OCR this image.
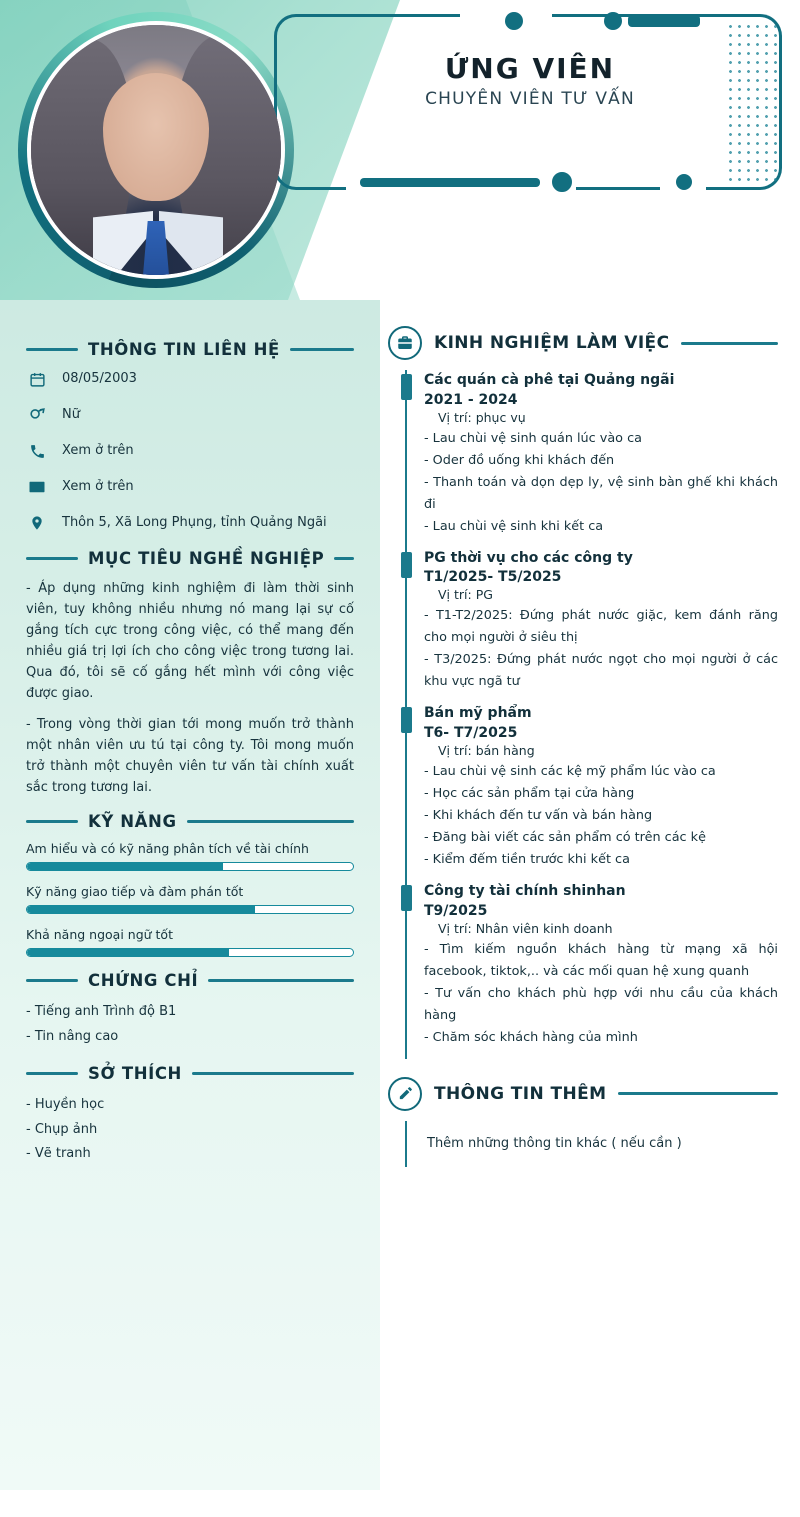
ỨNG VIÊN
CHUYÊN VIÊN TƯ VẤN
THÔNG TIN LIÊN HỆ
08/05/2003
Nữ
Xem ở trên
Xem ở trên
Thôn 5, Xã Long Phụng, tỉnh Quảng Ngãi
MỤC TIÊU NGHỀ NGHIỆP

- Áp dụng những kinh nghiệm đi làm thời sinh viên, tuy không nhiều nhưng nó mang lại sự cố gắng tích cực trong công việc, có thể mang đến nhiều giá trị lợi ích cho công việc trong tương lai. Qua đó, tôi sẽ cố gắng hết mình với công việc được giao.

- Trong vòng thời gian tới mong muốn trở thành một nhân viên ưu tú tại công ty. Tôi mong muốn trở thành một chuyên viên tư vấn tài chính xuất sắc trong tương lai.

KỸ NĂNG
Am hiểu và có kỹ năng phân tích về tài chính
Kỹ năng giao tiếp và đàm phán tốt
Khả năng ngoại ngữ tốt
CHỨNG CHỈ
- Tiếng anh Trình độ B1
- Tin nâng cao
SỞ THÍCH
- Huyền học
- Chụp ảnh
- Vẽ tranh
KINH NGHIỆM LÀM VIỆC
Các quán cà phê tại Quảng ngãi
2021 - 2024
Vị trí: phục vụ
- Lau chùi vệ sinh quán lúc vào ca
- Oder đồ uống khi khách đến
- Thanh toán và dọn dẹp ly, vệ sinh bàn ghế khi khách đi
- Lau chùi vệ sinh khi kết ca
PG thời vụ cho các công ty
T1/2025- T5/2025
Vị trí: PG
- T1-T2/2025: Đứng phát nước giặc, kem đánh răng cho mọi người ở siêu thị
- T3/2025: Đứng phát nước ngọt cho mọi người ở các khu vực ngã tư
Bán mỹ phẩm
T6- T7/2025
Vị trí: bán hàng
- Lau chùi vệ sinh các kệ mỹ phẩm lúc vào ca
- Học các sản phẩm tại cửa hàng
- Khi khách đến tư vấn và bán hàng
- Đăng bài viết các sản phẩm có trên các kệ
- Kiểm đếm tiền trước khi kết ca
Công ty tài chính shinhan
T9/2025
Vị trí: Nhân viên kinh doanh
- Tìm kiếm nguồn khách hàng từ mạng xã hội facebook, tiktok,.. và các mối quan hệ xung quanh
- Tư vấn cho khách phù hợp với nhu cầu của khách hàng
- Chăm sóc khách hàng của mình
THÔNG TIN THÊM
Thêm những thông tin khác ( nếu cần )
